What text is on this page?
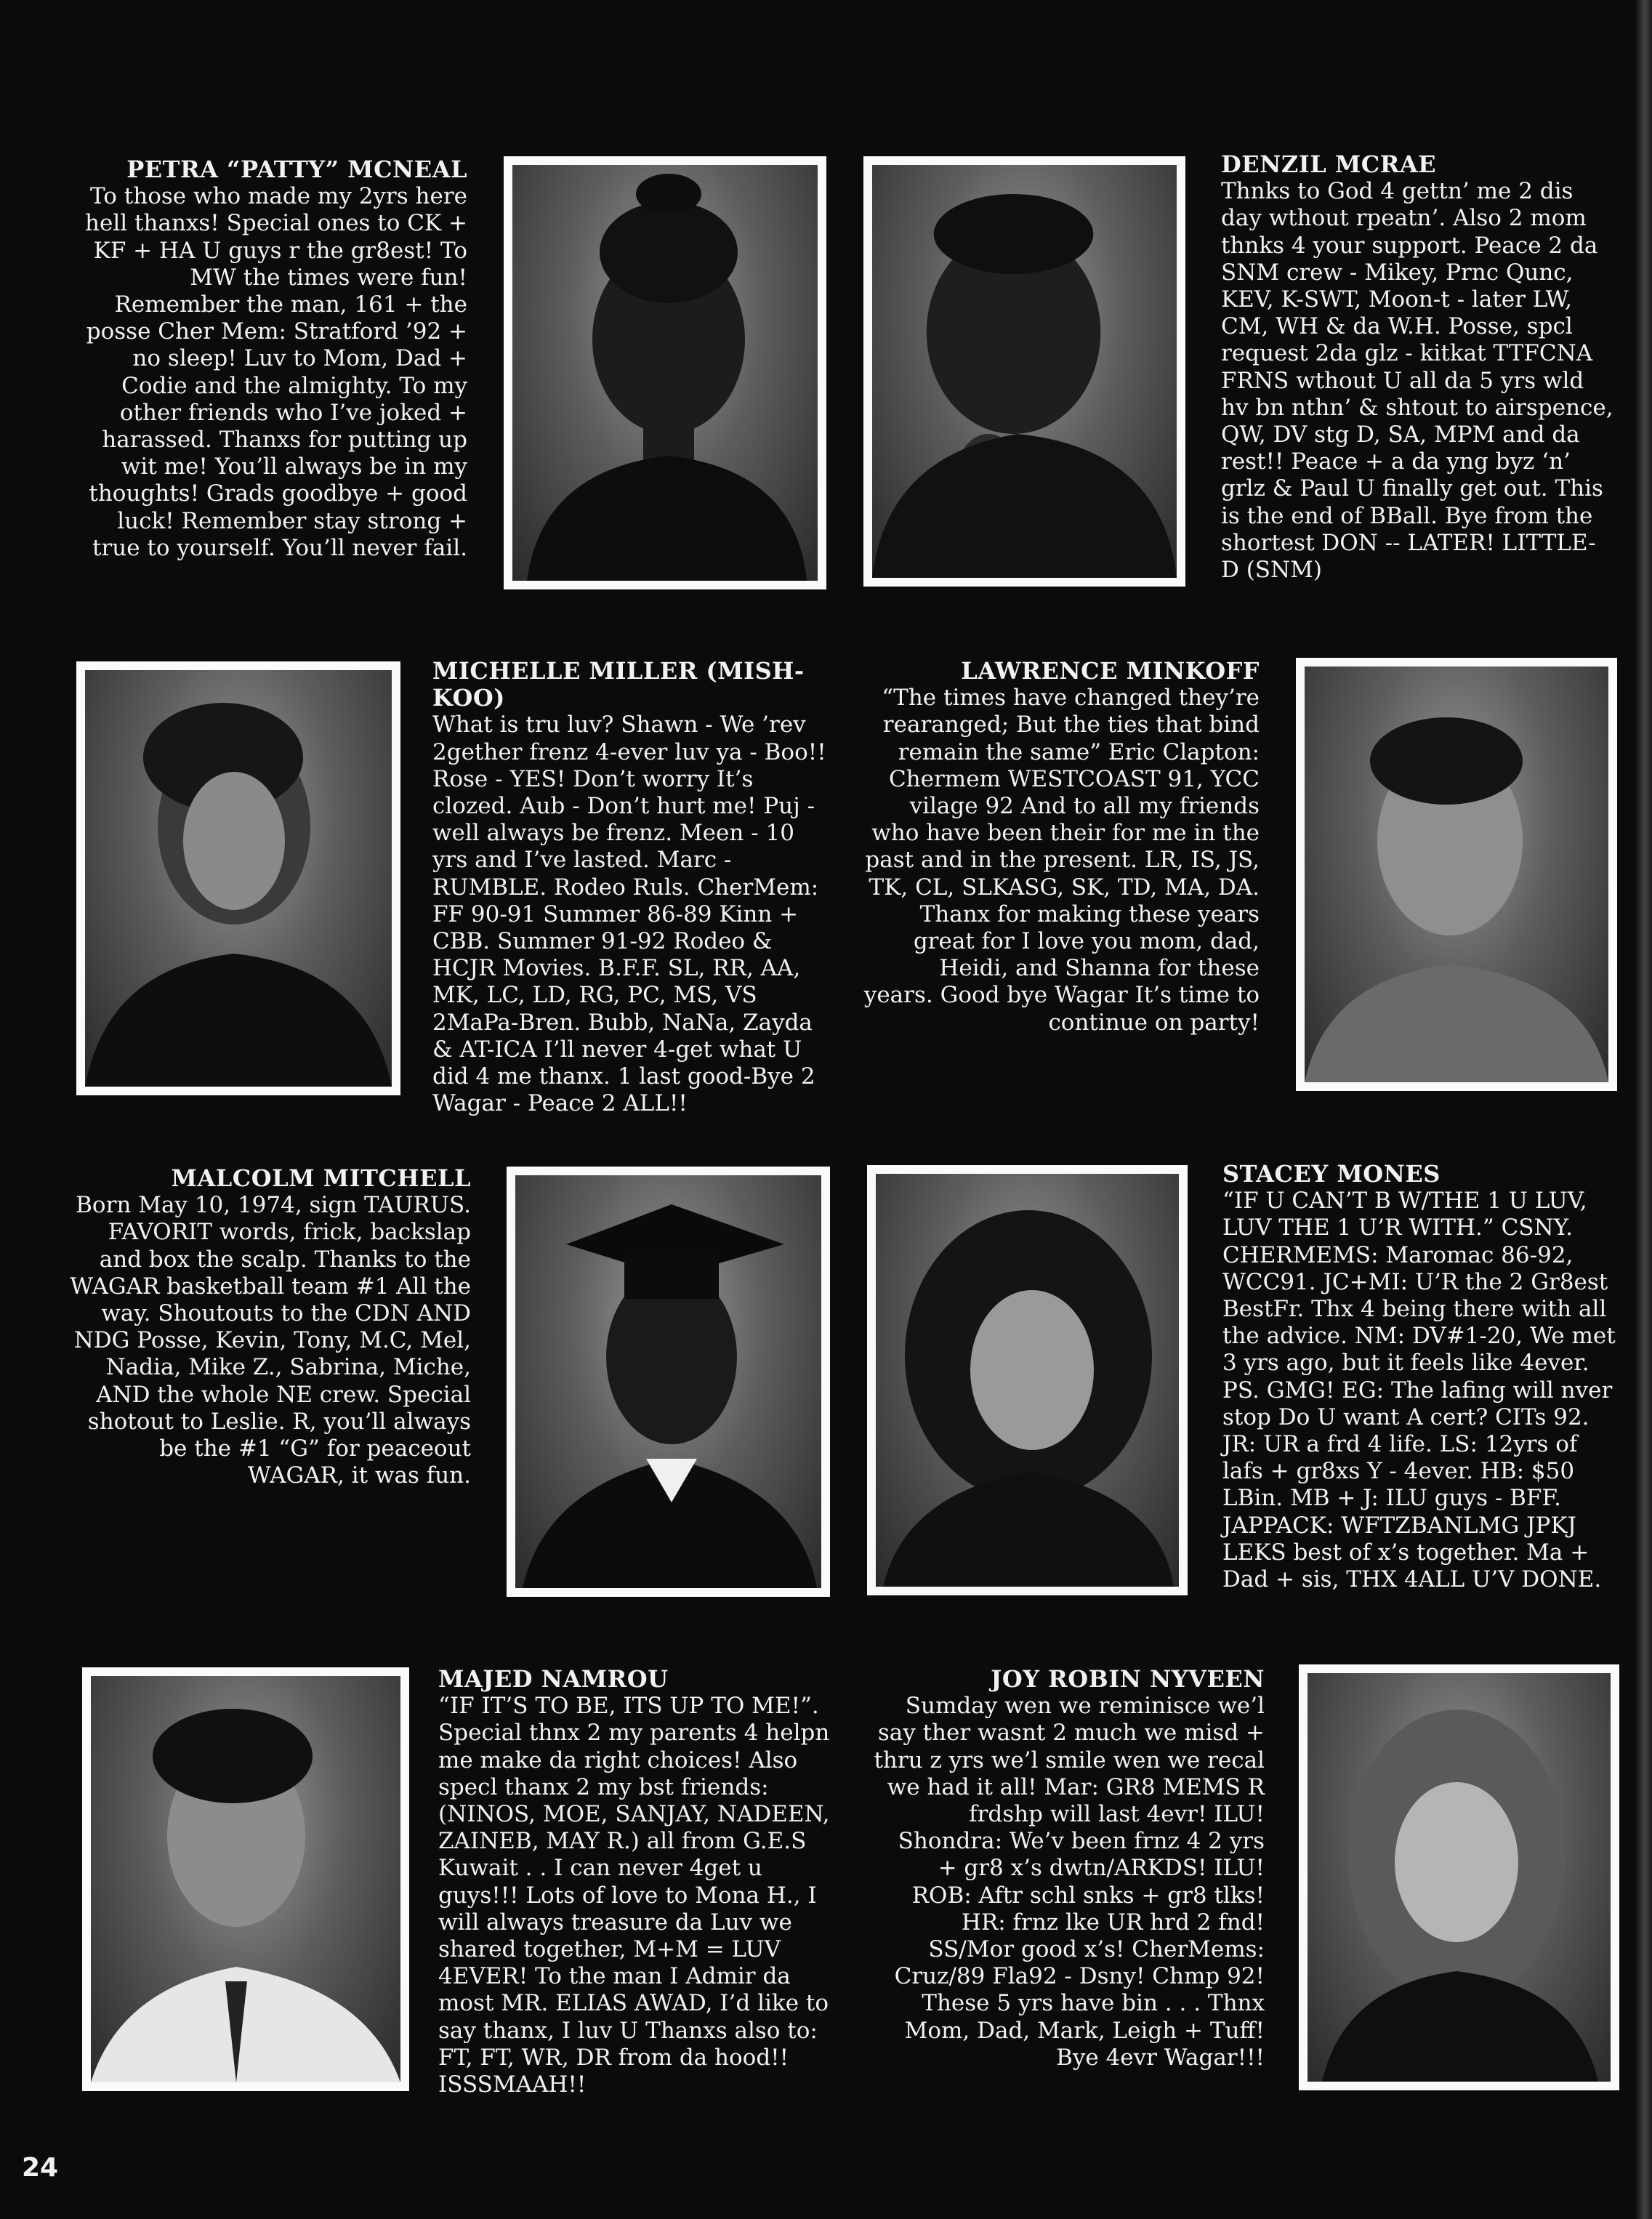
PETRA “PATTY” MCNEAL
To those who made my 2yrs here hell thanxs! Special ones to CK + KF + HA U guys r the gr8est! To MW the times were fun! Remember the man, 161 + the posse Cher Mem: Stratford ’92 + no sleep! Luv to Mom, Dad + Codie and the almighty. To my other friends who I’ve joked + harassed. Thanxs for putting up wit me! You’ll always be in my thoughts! Grads goodbye + good luck! Remember stay strong + true to yourself. You’ll never fail.
DENZIL MCRAE
Thnks to God 4 gettn’ me 2 dis day wthout rpeatn’. Also 2 mom thnks 4 your support. Peace 2 da SNM crew - Mikey, Prnc Qunc, KEV, K-SWT, Moon-t - later LW, CM, WH & da W.H. Posse, spcl request 2da glz - kitkat TTFCNA FRNS wthout U all da 5 yrs wld hv bn nthn’ & shtout to airspence, QW, DV stg D, SA, MPM and da rest!! Peace + a da yng byz ‘n’ grlz & Paul U finally get out. This is the end of BBall. Bye from the shortest DON -- LATER! LITTLE-D (SNM)
MICHELLE MILLER (MISH-KOO)
What is tru luv? Shawn - We ’rev 2gether frenz 4-ever luv ya - Boo!! Rose - YES! Don’t worry It’s clozed. Aub - Don’t hurt me! Puj -well always be frenz. Meen - 10 yrs and I’ve lasted. Marc - RUMBLE. Rodeo Ruls. CherMem: FF 90-91 Summer 86-89 Kinn + CBB. Summer 91-92 Rodeo & HCJR Movies. B.F.F. SL, RR, AA, MK, LC, LD, RG, PC, MS, VS 2MaPa-Bren. Bubb, NaNa, Zayda & AT-ICA I’ll never 4-get what U did 4 me thanx. 1 last good-Bye 2 Wagar - Peace 2 ALL!!
LAWRENCE MINKOFF
“The times have changed they’re rearanged; But the ties that bind remain the same” Eric Clapton: Chermem WESTCOAST 91, YCC vilage 92 And to all my friends who have been their for me in the past and in the present. LR, IS, JS, TK, CL, SLKASG, SK, TD, MA, DA. Thanx for making these years great for I love you mom, dad, Heidi, and Shanna for these years. Good bye Wagar It’s time to continue on party!
MALCOLM MITCHELL
Born May 10, 1974, sign TAURUS. FAVORIT words, frick, backslap and box the scalp. Thanks to the WAGAR basketball team #1 All the way. Shoutouts to the CDN AND NDG Posse, Kevin, Tony, M.C, Mel, Nadia, Mike Z., Sabrina, Miche, AND the whole NE crew. Special shotout to Leslie. R, you’ll always be the #1 “G” for peaceout WAGAR, it was fun.
STACEY MONES
“IF U CAN’T B W/THE 1 U LUV, LUV THE 1 U’R WITH.” CSNY. CHERMEMS: Maromac 86-92, WCC91. JC+MI: U’R the 2 Gr8est BestFr. Thx 4 being there with all the advice. NM: DV#1-20, We met 3 yrs ago, but it feels like 4ever. PS. GMG! EG: The lafing will nver stop Do U want A cert? CITs 92. JR: UR a frd 4 life. LS: 12yrs of lafs + gr8xs Y - 4ever. HB: $50 LBin. MB + J: ILU guys - BFF. JAPPACK: WFTZBANLMG JPKJ LEKS best of x’s together. Ma + Dad + sis, THX 4ALL U’V DONE.
MAJED NAMROU
“IF IT’S TO BE, ITS UP TO ME!”. Special thnx 2 my parents 4 helpn me make da right choices! Also specl thanx 2 my bst friends: (NINOS, MOE, SANJAY, NADEEN, ZAINEB, MAY R.) all from G.E.S Kuwait . . I can never 4get u guys!!! Lots of love to Mona H., I will always treasure da Luv we shared together, M+M = LUV 4EVER! To the man I Admir da most MR. ELIAS AWAD, I’d like to say thanx, I luv U Thanxs also to: FT, FT, WR, DR from da hood!! ISSSMAAH!!
JOY ROBIN NYVEEN
Sumday wen we reminisce we’l say ther wasnt 2 much we misd + thru z yrs we’l smile wen we recal we had it all! Mar: GR8 MEMS R frdshp will last 4evr! ILU! Shondra: We’v been frnz 4 2 yrs + gr8 x’s dwtn/ARKDS! ILU! ROB: Aftr schl snks + gr8 tlks! HR: frnz lke UR hrd 2 fnd! SS/Mor good x’s! CherMems: Cruz/89 Fla92 - Dsny! Chmp 92! These 5 yrs have bin . . . Thnx Mom, Dad, Mark, Leigh + Tuff! Bye 4evr Wagar!!!
24
